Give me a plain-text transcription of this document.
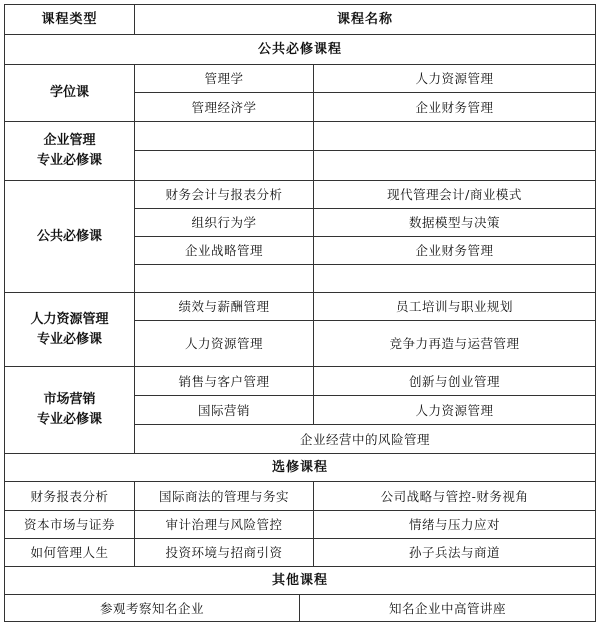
课程类型	课程名称
公共必修课程
学位课
管理学	人力资源管理
管理经济学	企业财务管理
企业管理
专业必修课
公共必修课
财务会计与报表分析	现代管理会计/商业模式
组织行为学	数据模型与决策
企业战略管理	企业财务管理
人力资源管理
专业必修课
绩效与薪酬管理	员工培训与职业规划
人力资源管理	竞争力再造与运营管理
市场营销
专业必修课
销售与客户管理	创新与创业管理
国际营销	人力资源管理
企业经营中的风险管理
选修课程
财务报表分析	国际商法的管理与务实	公司战略与管控-财务视角
资本市场与证券	审计治理与风险管控	情绪与压力应对
如何管理人生	投资环境与招商引资	孙子兵法与商道
其他课程
参观考察知名企业	知名企业中高管讲座
